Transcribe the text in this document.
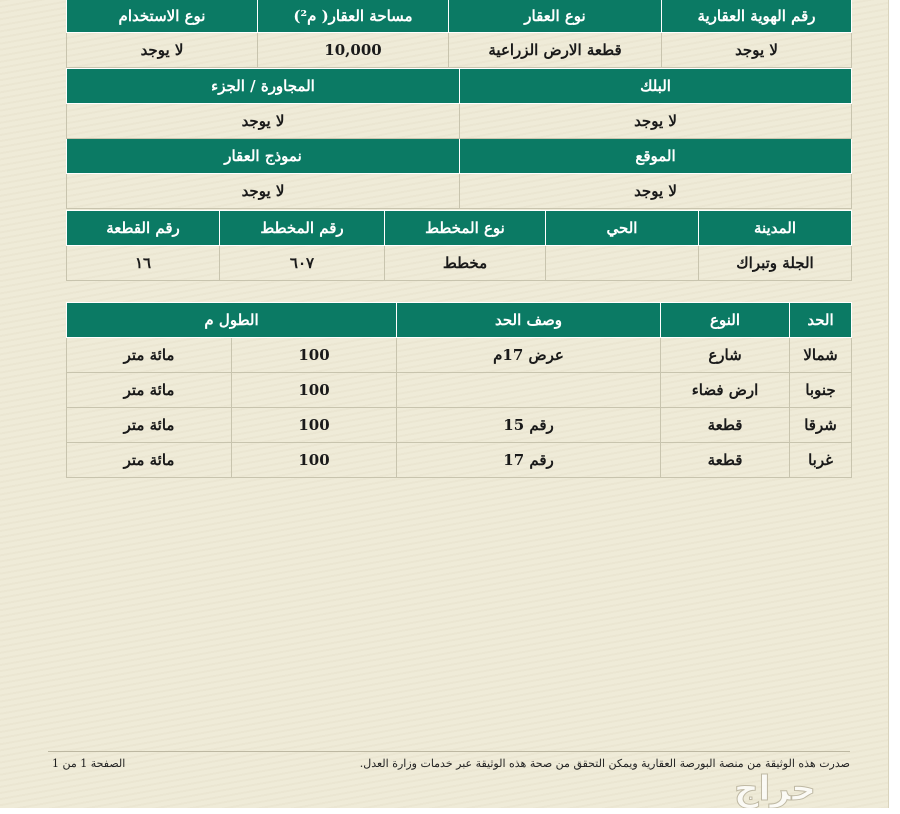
رقم الهوية العقارية	نوع العقار	مساحة العقار( م²)	نوع الاستخدام
لا يوجد	قطعة الارض الزراعية	10,000	لا يوجد
البلك	المجاورة / الجزء
لا يوجد	لا يوجد
الموقع	نموذج العقار
لا يوجد	لا يوجد
المدينة	الحي	نوع المخطط	رقم المخطط	رقم القطعة
الجلة وتبراك		مخطط	٦٠٧	١٦
الحد	النوع	وصف الحد	الطول م	
شمالا	شارع	عرض 17م	100	مائة متر
جنوبا	ارض فضاء		100	مائة متر
شرقا	قطعة	رقم 15	100	مائة متر
غربا	قطعة	رقم 17	100	مائة متر
صدرت هذه الوثيقة من منصة البورصة العقارية ويمكن التحقق من صحة هذه الوثيقة عبر خدمات وزارة العدل.
الصفحة 1 من 1
حراج
